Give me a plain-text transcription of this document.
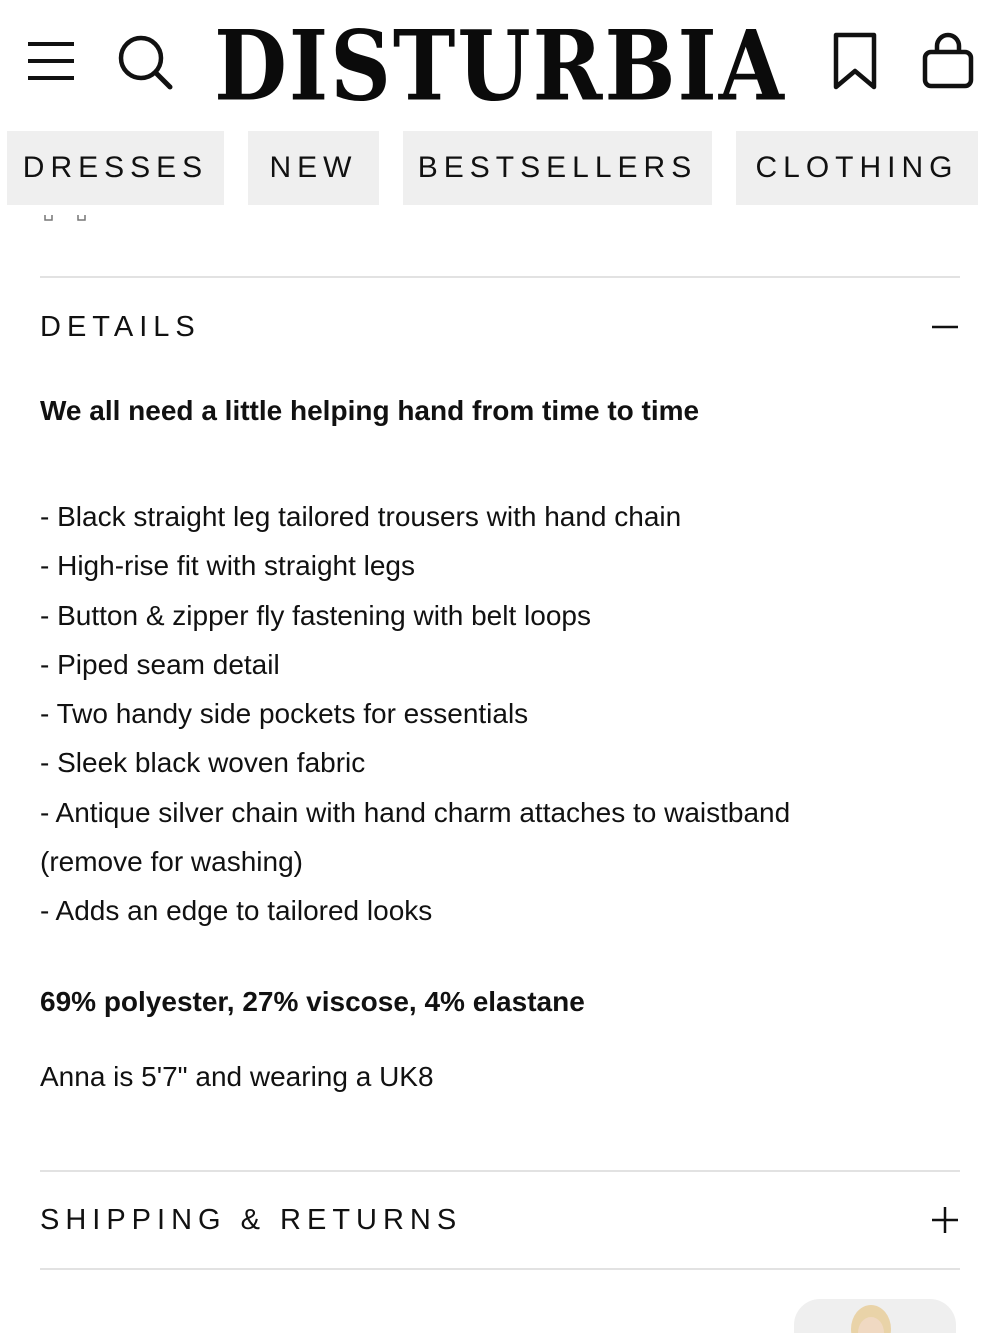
DISTURBIA
DRESSES	NEW	BESTSELLERS	CLOTHING
DETAILS

We all need a little helping hand from time to time

- Black straight leg tailored trousers with hand chain
- High-rise fit with straight legs
- Button & zipper fly fastening with belt loops
- Piped seam detail
- Two handy side pockets for essentials
- Sleek black woven fabric
- Antique silver chain with hand charm attaches to waistband
(remove for washing)
- Adds an edge to tailored looks

69% polyester, 27% viscose, 4% elastane

Anna is 5'7" and wearing a UK8

SHIPPING & RETURNS
